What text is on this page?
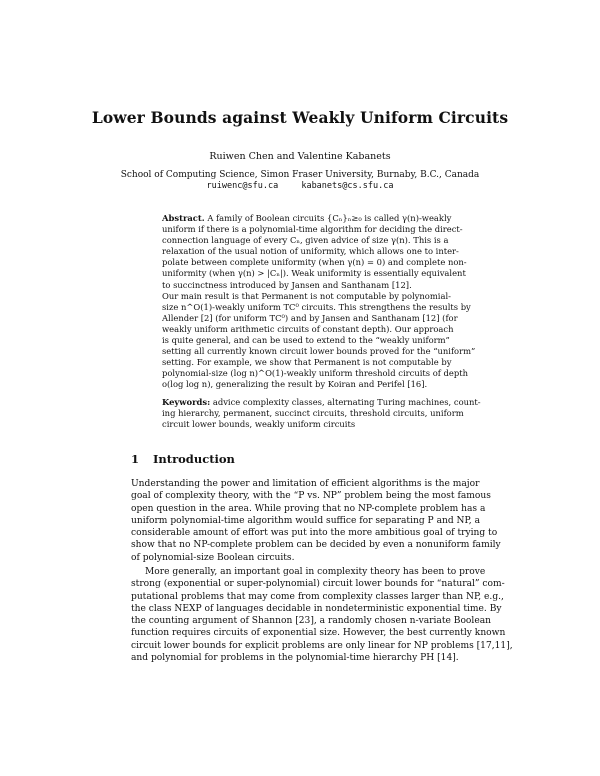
Lower Bounds against Weakly Uniform Circuits
Ruiwen Chen and Valentine Kabanets
School of Computing Science, Simon Fraser University, Burnaby, B.C., Canada
ruiwenc@sfu.ca	kabanets@cs.sfu.ca
Abstract. A family of Boolean circuits {Cₙ}ₙ≥₀ is called γ(n)-weakly
uniform if there is a polynomial-time algorithm for deciding the direct-
connection language of every Cₙ, given advice of size γ(n). This is a
relaxation of the usual notion of uniformity, which allows one to inter-
polate between complete uniformity (when γ(n) = 0) and complete non-
uniformity (when γ(n) > |Cₙ|). Weak uniformity is essentially equivalent
to succinctness introduced by Jansen and Santhanam [12].
Our main result is that Permanent is not computable by polynomial-
size n^O(1)-weakly uniform TC⁰ circuits. This strengthens the results by
Allender [2] (for uniform TC⁰) and by Jansen and Santhanam [12] (for
weakly uniform arithmetic circuits of constant depth). Our approach
is quite general, and can be used to extend to the “weakly uniform”
setting all currently known circuit lower bounds proved for the “uniform”
setting. For example, we show that Permanent is not computable by
polynomial-size (log n)^O(1)-weakly uniform threshold circuits of depth
o(log log n), generalizing the result by Koiran and Perifel [16].
Keywords: advice complexity classes, alternating Turing machines, count-
ing hierarchy, permanent, succinct circuits, threshold circuits, uniform
circuit lower bounds, weakly uniform circuits
1 Introduction
Understanding the power and limitation of efficient algorithms is the major
goal of complexity theory, with the “P vs. NP” problem being the most famous
open question in the area. While proving that no NP-complete problem has a
uniform polynomial-time algorithm would suffice for separating P and NP, a
considerable amount of effort was put into the more ambitious goal of trying to
show that no NP-complete problem can be decided by even a nonuniform family
of polynomial-size Boolean circuits.
More generally, an important goal in complexity theory has been to prove
strong (exponential or super-polynomial) circuit lower bounds for “natural” com-
putational problems that may come from complexity classes larger than NP, e.g.,
the class NEXP of languages decidable in nondeterministic exponential time. By
the counting argument of Shannon [23], a randomly chosen n-variate Boolean
function requires circuits of exponential size. However, the best currently known
circuit lower bounds for explicit problems are only linear for NP problems [17,11],
and polynomial for problems in the polynomial-time hierarchy PH [14].
